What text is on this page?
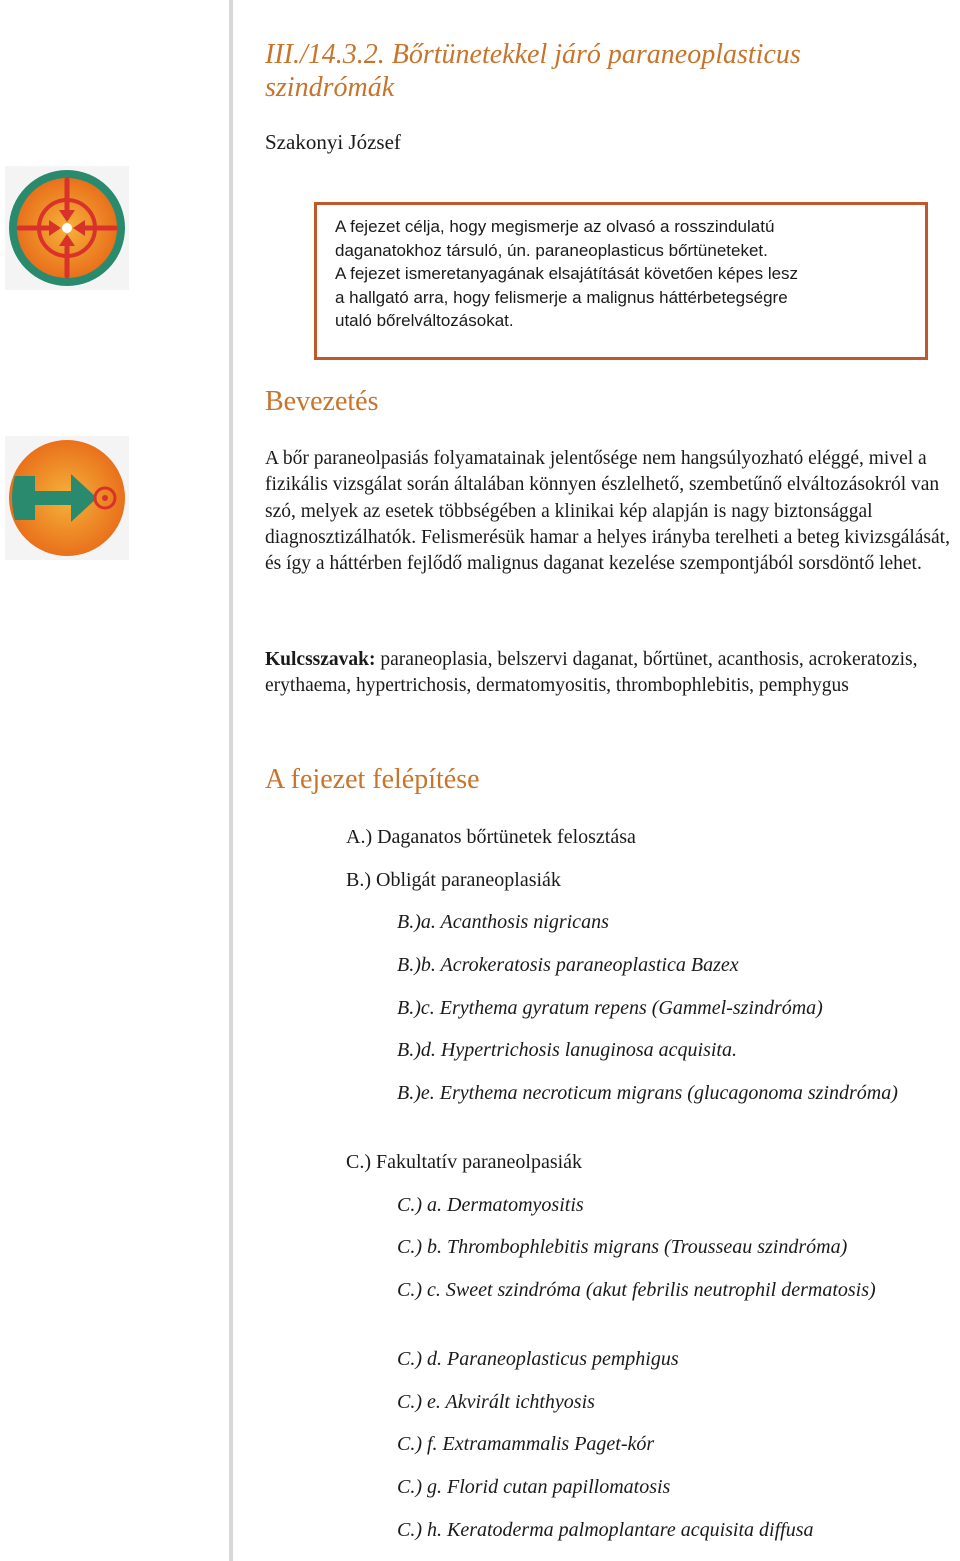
III./14.3.2. Bőrtünetekkel járó paraneoplasticus szindrómák

Szakonyi József

A fejezet célja, hogy megismerje az olvasó a rosszindulatú

daganatokhoz társuló, ún. paraneoplasticus bőrtüneteket.

A fejezet ismeretanyagának elsajátítását követően képes lesz

a hallgató arra, hogy felismerje a malignus háttérbetegségre

utaló bőrelváltozásokat.

Bevezetés

A bőr paraneolpasiás folyamatainak jelentősége nem hangsúlyozható eléggé, mivel a fizikális vizsgálat során általában könnyen észlelhető, szembetűnő elváltozásokról van szó, melyek az esetek többségében a klinikai kép alapján is nagy biztonsággal diagnosztizálhatók. Felismerésük hamar a helyes irányba terelheti a beteg kivizsgálását, és így a háttérben fejlődő malignus daganat kezelése szempontjából sorsdöntő lehet.

Kulcsszavak: paraneoplasia, belszervi daganat, bőrtünet, acanthosis, acrokeratozis, erythaema, hypertrichosis, dermatomyositis, thrombophlebitis, pemphygus

A fejezet felépítése

A.) Daganatos bőrtünetek felosztása

B.) Obligát paraneoplasiák

B.)a. Acanthosis nigricans

B.)b. Acrokeratosis paraneoplastica Bazex

B.)c. Erythema gyratum repens (Gammel-szindróma)

B.)d. Hypertrichosis lanuginosa acquisita.

B.)e. Erythema necroticum migrans (glucagonoma szindróma)

C.) Fakultatív paraneolpasiák

C.) a. Dermatomyositis

C.) b. Thrombophlebitis migrans (Trousseau szindróma)

C.) c. Sweet szindróma (akut febrilis neutrophil dermatosis)

C.) d. Paraneoplasticus pemphigus

C.) e. Akvirált ichthyosis

C.) f. Extramammalis Paget-kór

C.) g. Florid cutan papillomatosis

C.) h. Keratoderma palmoplantare acquisita diffusa
